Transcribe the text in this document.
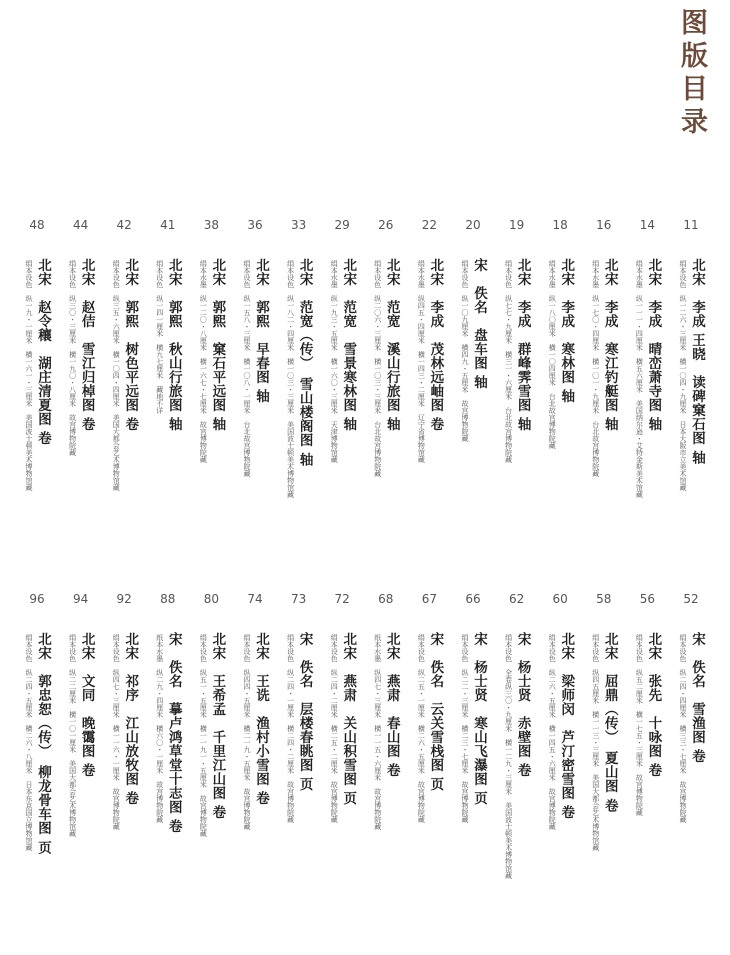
图版目录
11
北宋　李成 王晓　读碑窠石图 轴
绢本设色　纵一二六・三厘米　横一〇四・九厘米　日本大阪市立美术馆藏
14
北宋　李成　晴峦萧寺图 轴
绢本水墨　纵一一一・四厘米　横五六厘米　美国纳尔逊・艾特金斯美术馆藏
16
北宋　李成　寒江钓艇图 轴
绢本水墨　纵一七〇・四厘米　横一〇一・九厘米　台北故宫博物院藏
18
北宋　李成　寒林图 轴
绢本水墨　纵一八〇厘米　横一〇四厘米　台北故宫博物院藏
19
北宋　李成　群峰霁雪图 轴
绢本设色　纵七七・九厘米　横三一・六厘米　台北故宫博物院藏
20
宋　佚名　盘车图 轴
绢本设色　纵一〇九厘米　横四九・五厘米　故宫博物院藏
22
北宋　李成　茂林远岫图 卷
绢本水墨　纵四五・四厘米　横一四三・二厘米　辽宁省博物馆藏
26
北宋　范宽　溪山行旅图 轴
绢本设色　纵二〇六・三厘米　横一〇三・三厘米　台北故宫博物院藏
29
北宋　范宽　雪景寒林图 轴
绢本水墨　纵一九三・五厘米　横一六〇・三厘米　天津博物馆藏
33
北宋　范宽（传）　雪山楼阁图 轴
绢本设色　纵一八二・四厘米　横一〇三・三厘米　美国波士顿美术博物馆藏
36
北宋　郭熙　早春图 轴
绢本设色　纵一五八・三厘米　横一〇八・一厘米　台北故宫博物院藏
38
北宋　郭熙　窠石平远图 轴
绢本水墨　纵一二〇・八厘米　横一六七・七厘米　故宫博物院藏
41
北宋　郭熙　秋山行旅图 轴
绢本设色　纵一四一厘米　横九七厘米　藏地不详
42
北宋　郭熙　树色平远图 卷
绢本设色　纵三五・六厘米　横一〇四・四厘米　美国大都会艺术博物馆藏
44
北宋　赵佶　雪江归棹图 卷
绢本设色　纵三〇・三厘米　横一九〇・八厘米　故宫博物院藏
48
北宋　赵令穰　湖庄清夏图 卷
绢本设色　纵一九・一厘米　横一六一・三厘米　美国波士顿美术博物馆藏
52
宋　佚名　雪渔图 卷
绢本设色　纵二四・四厘米　横三三・七厘米　故宫博物院藏
56
北宋　张先　十咏图 卷
绢本设色　纵五二厘米　横一七五・三厘米　故宫博物院藏
58
北宋　屈鼎（传）　夏山图 卷
绢本设色　纵四五厘米　横一一三・三厘米　美国大都会艺术博物馆藏
60
北宋　梁师闵　芦汀密雪图 卷
绢本设色　纵二六・五厘米　横一四五・六厘米　故宫博物院藏
62
宋　杨士贤　赤壁图 卷
绢本设色　全卷纵三〇・九厘米　横一二九・三厘米　美国波士顿美术博物馆藏
66
宋　杨士贤　寒山飞瀑图 页
绢本设色　纵二二・三厘米　横二三・七厘米　故宫博物院藏
67
宋　佚名　云关雪栈图 页
绢本设色　纵二五・一厘米　横二六・五厘米　故宫博物院藏
68
北宋　燕肃　春山图 卷
纸本水墨　纵四七・三厘米　横一一五・六厘米　故宫博物院藏
72
北宋　燕肃　关山积雪图 页
绢本设色　纵二四・二厘米　横二五・二厘米　故宫博物院藏
73
宋　佚名　层楼春眺图 页
绢本设色　纵二四・一厘米　横二四・二厘米　故宫博物院藏
74
北宋　王诜　渔村小雪图 卷
绢本设色　纵四四・五厘米　横二一九・五厘米　故宫博物院藏
80
北宋　王希孟　千里江山图 卷
绢本设色　纵五一・五厘米　横一一九一・五厘米　故宫博物院藏
88
宋　佚名　摹卢鸿草堂十志图 卷
纸本水墨　纵二九・四厘米　横六〇・一厘米　故宫博物院藏
92
北宋　祁序　江山放牧图 卷
绢本设色　纵四七・三厘米　横一一六・一厘米　故宫博物院藏
94
北宋　文同　晚霭图 卷
绢本设色　纵二二厘米　横一〇一厘米　美国大都会艺术博物馆藏
96
北宋　郭忠恕（传）　柳龙骨车图 页
绢本设色　纵二四・五厘米　横二六・八厘米　日本东京国立博物馆藏
